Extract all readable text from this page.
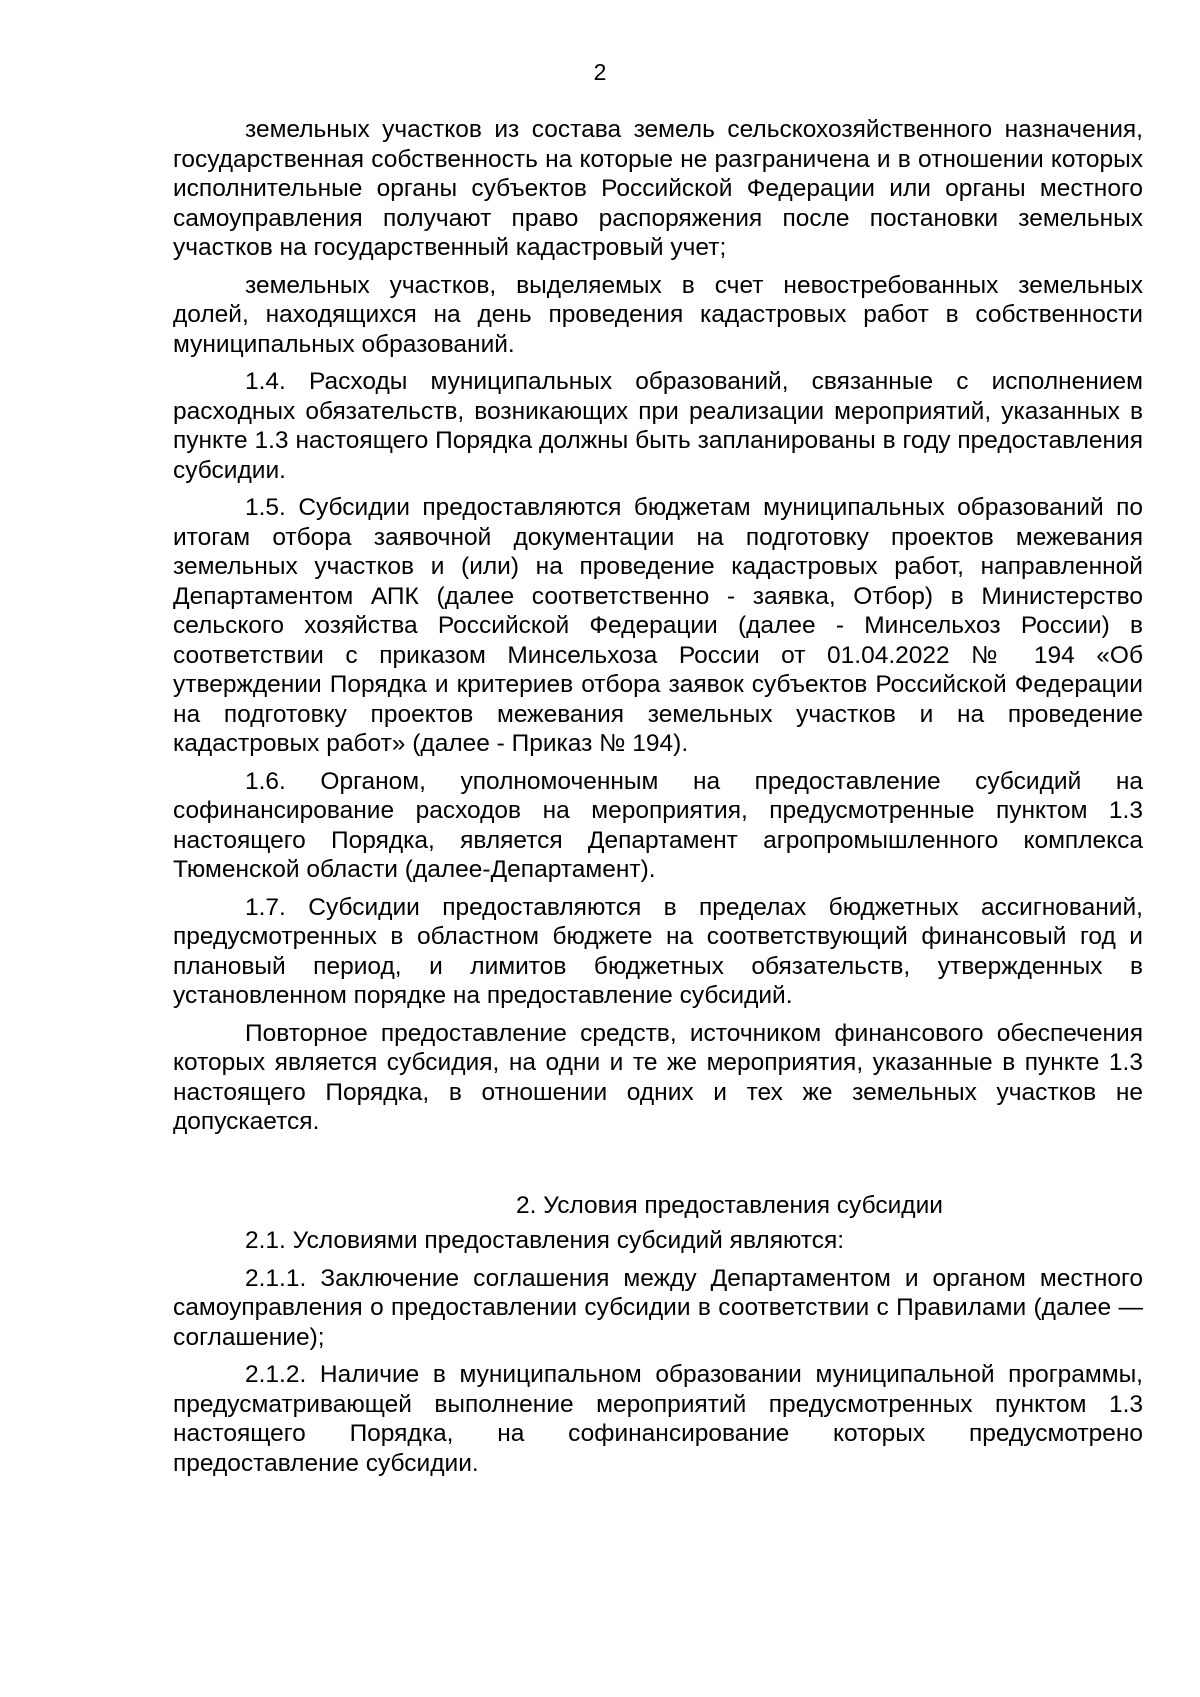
2

земельных участков из состава земель сельскохозяйственного назначения, государственная собственность на которые не разграничена и в отношении которых исполнительные органы субъектов Российской Федерации или органы местного самоуправления получают право распоряжения после постановки земельных участков на государственный кадастровый учет;

земельных участков, выделяемых в счет невостребованных земельных долей, находящихся на день проведения кадастровых работ в собственности муниципальных образований.

1.4. Расходы муниципальных образований, связанные с исполнением расходных обязательств, возникающих при реализации мероприятий, указанных в пункте 1.3 настоящего Порядка должны быть запланированы в году предоставления субсидии.

1.5. Субсидии предоставляются бюджетам муниципальных образований по итогам отбора заявочной документации на подготовку проектов межевания земельных участков и (или) на проведение кадастровых работ, направленной Департаментом АПК (далее соответственно - заявка, Отбор) в Министерство сельского хозяйства Российской Федерации (далее - Минсельхоз России) в соответствии с приказом Минсельхоза России от 01.04.2022 № 194 «Об утверждении Порядка и критериев отбора заявок субъектов Российской Федерации на подготовку проектов межевания земельных участков и на проведение кадастровых работ» (далее - Приказ № 194).

1.6. Органом, уполномоченным на предоставление субсидий на софинансирование расходов на мероприятия, предусмотренные пунктом 1.3 настоящего Порядка, является Департамент агропромышленного комплекса Тюменской области (далее-Департамент).

1.7. Субсидии предоставляются в пределах бюджетных ассигнований, предусмотренных в областном бюджете на соответствующий финансовый год и плановый период, и лимитов бюджетных обязательств, утвержденных в установленном порядке на предоставление субсидий.

Повторное предоставление средств, источником финансового обеспечения которых является субсидия, на одни и те же мероприятия, указанные в пункте 1.3 настоящего Порядка, в отношении одних и тех же земельных участков не допускается.

2. Условия предоставления субсидии

2.1. Условиями предоставления субсидий являются:

2.1.1. Заключение соглашения между Департаментом и органом местного самоуправления о предоставлении субсидии в соответствии с Правилами (далее — соглашение);

2.1.2. Наличие в муниципальном образовании муниципальной программы, предусматривающей выполнение мероприятий предусмотренных пунктом 1.3 настоящего Порядка, на софинансирование которых предусмотрено предоставление субсидии.
